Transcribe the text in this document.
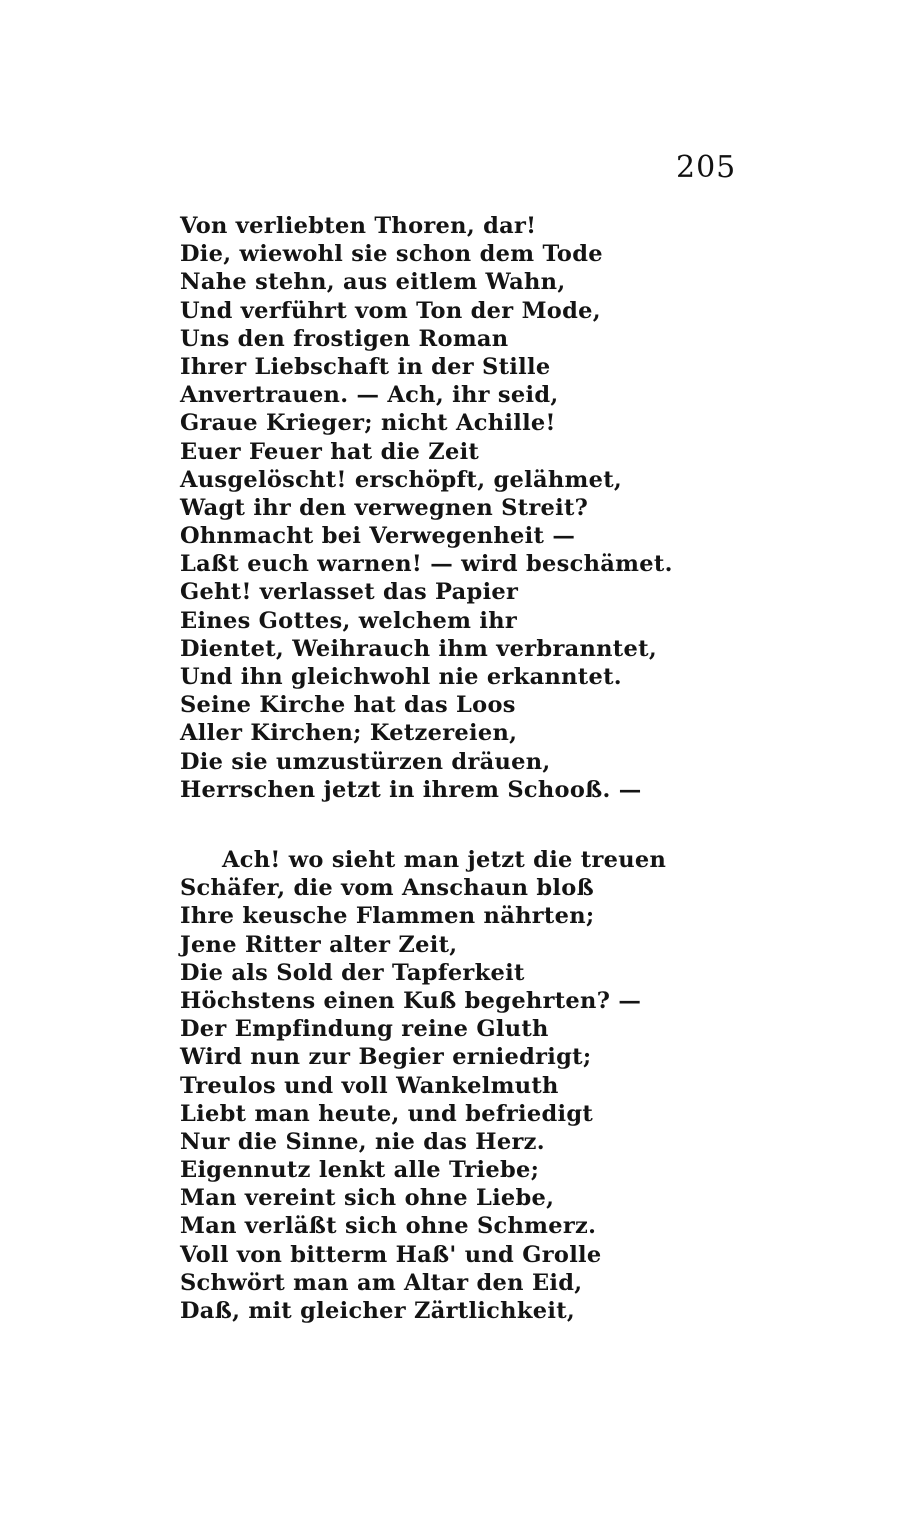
205
Von verliebten Thoren, dar!
Die, wiewohl sie schon dem Tode
Nahe stehn, aus eitlem Wahn,
Und verführt vom Ton der Mode,
Uns den frostigen Roman
Ihrer Liebschaft in der Stille
Anvertrauen. — Ach, ihr seid,
Graue Krieger; nicht Achille!
Euer Feuer hat die Zeit
Ausgelöscht! erschöpft, gelähmet,
Wagt ihr den verwegnen Streit?
Ohnmacht bei Verwegenheit —
Laßt euch warnen! — wird beschämet.
Geht! verlasset das Papier
Eines Gottes, welchem ihr
Dientet, Weihrauch ihm verbranntet,
Und ihn gleichwohl nie erkanntet.
Seine Kirche hat das Loos
Aller Kirchen; Ketzereien,
Die sie umzustürzen dräuen,
Herrschen jetzt in ihrem Schooß. —
Ach! wo sieht man jetzt die treuen
Schäfer, die vom Anschaun bloß
Ihre keusche Flammen nährten;
Jene Ritter alter Zeit,
Die als Sold der Tapferkeit
Höchstens einen Kuß begehrten? —
Der Empfindung reine Gluth
Wird nun zur Begier erniedrigt;
Treulos und voll Wankelmuth
Liebt man heute, und befriedigt
Nur die Sinne, nie das Herz.
Eigennutz lenkt alle Triebe;
Man vereint sich ohne Liebe,
Man verläßt sich ohne Schmerz.
Voll von bitterm Haß' und Grolle
Schwört man am Altar den Eid,
Daß, mit gleicher Zärtlichkeit,
